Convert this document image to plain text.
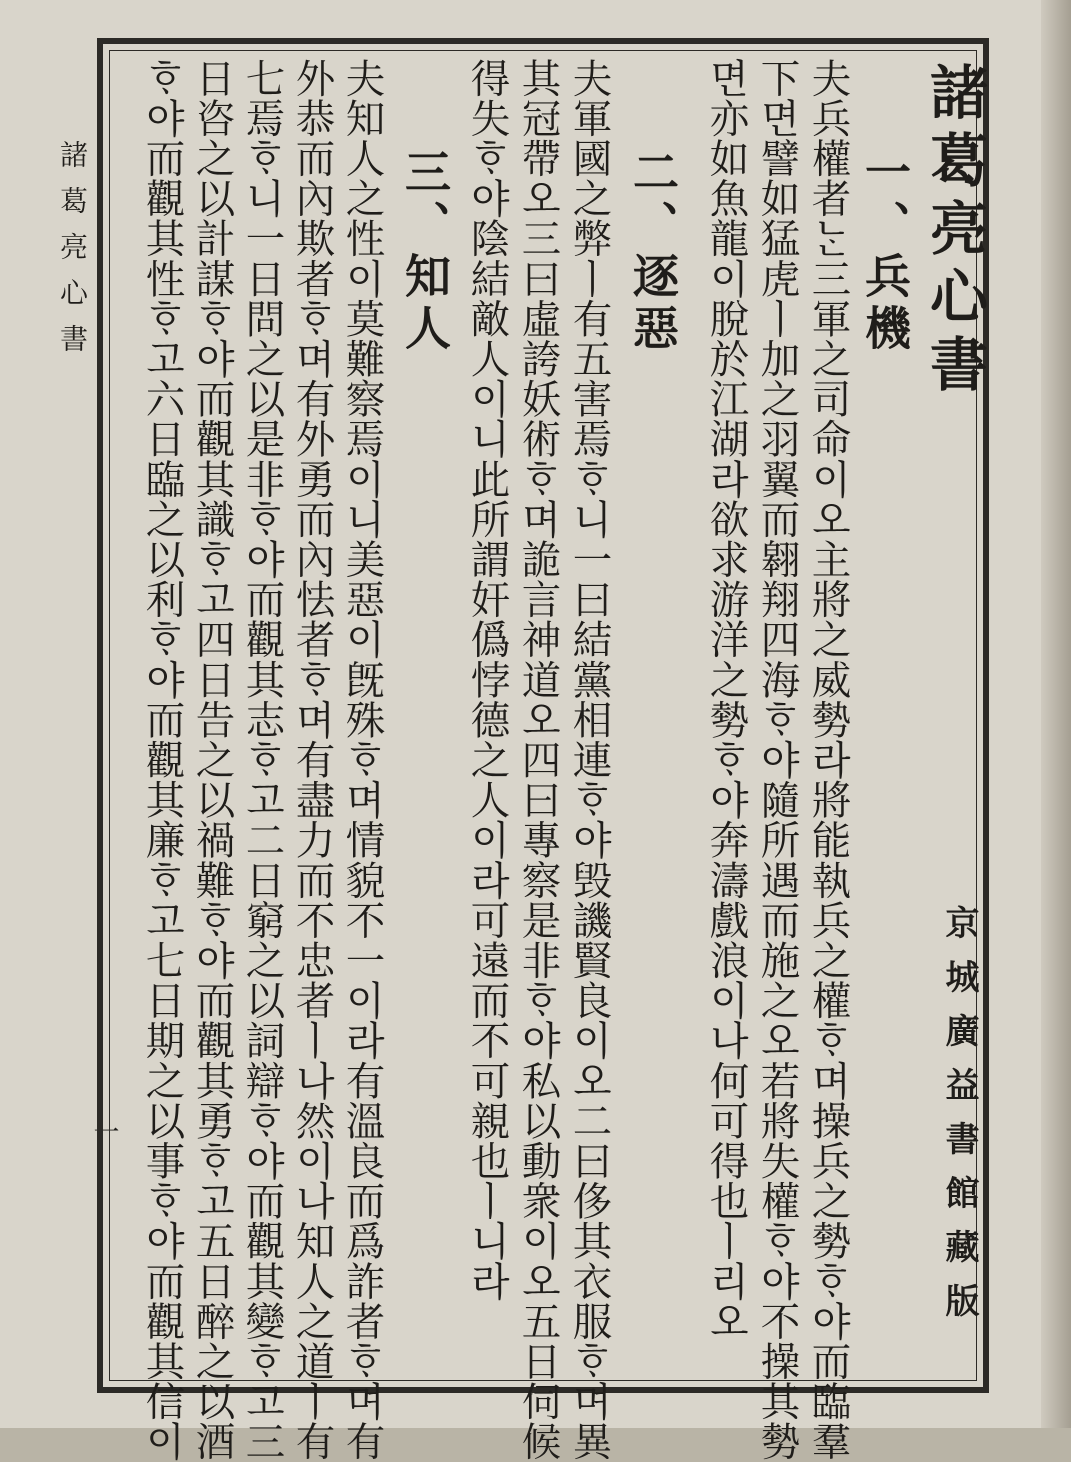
諸葛亮心書
一
諸葛亮心書
一、兵機
夫兵權者ᄂᆞᆫ三軍之司命이오主將之威勢라將能執兵之權ᄒᆞ며操兵之勢ᄒᆞ야而臨羣
下면譬如猛虎ㅣ加之羽翼而翱翔四海ᄒᆞ야隨所遇而施之오若將失權ᄒᆞ야不操其勢
면亦如魚龍이脫於江湖라欲求游洋之勢ᄒᆞ야奔濤戲浪이나何可得也ㅣ리오
二、逐惡
夫軍國之弊ㅣ有五害焉ᄒᆞ니一曰結黨相連ᄒᆞ야毁譏賢良이오二曰侈其衣服ᄒᆞ며異
其冠帶오三曰虛誇妖術ᄒᆞ며詭言神道오四曰專察是非ᄒᆞ야私以動衆이오五日伺候
得失ᄒᆞ야陰結敵人이니此所謂奸僞悖德之人이라可遠而不可親也ㅣ니라
三、知人
夫知人之性이莫難察焉이니美惡이旣殊ᄒᆞ며情貌不一이라有溫良而爲詐者ᄒᆞ며有
外恭而內欺者ᄒᆞ며有外勇而內怯者ᄒᆞ며有盡力而不忠者ㅣ나然이나知人之道ㅣ有
七焉ᄒᆞ니一日問之以是非ᄒᆞ야而觀其志ᄒᆞ고二日窮之以詞辯ᄒᆞ야而觀其變ᄒᆞ고三
日咨之以計謀ᄒᆞ야而觀其識ᄒᆞ고四日告之以禍難ᄒᆞ야而觀其勇ᄒᆞ고五日醉之以酒
ᄒᆞ야而觀其性ᄒᆞ고六日臨之以利ᄒᆞ야而觀其廉ᄒᆞ고七日期之以事ᄒᆞ야而觀其信이	京城廣益書館藏版
